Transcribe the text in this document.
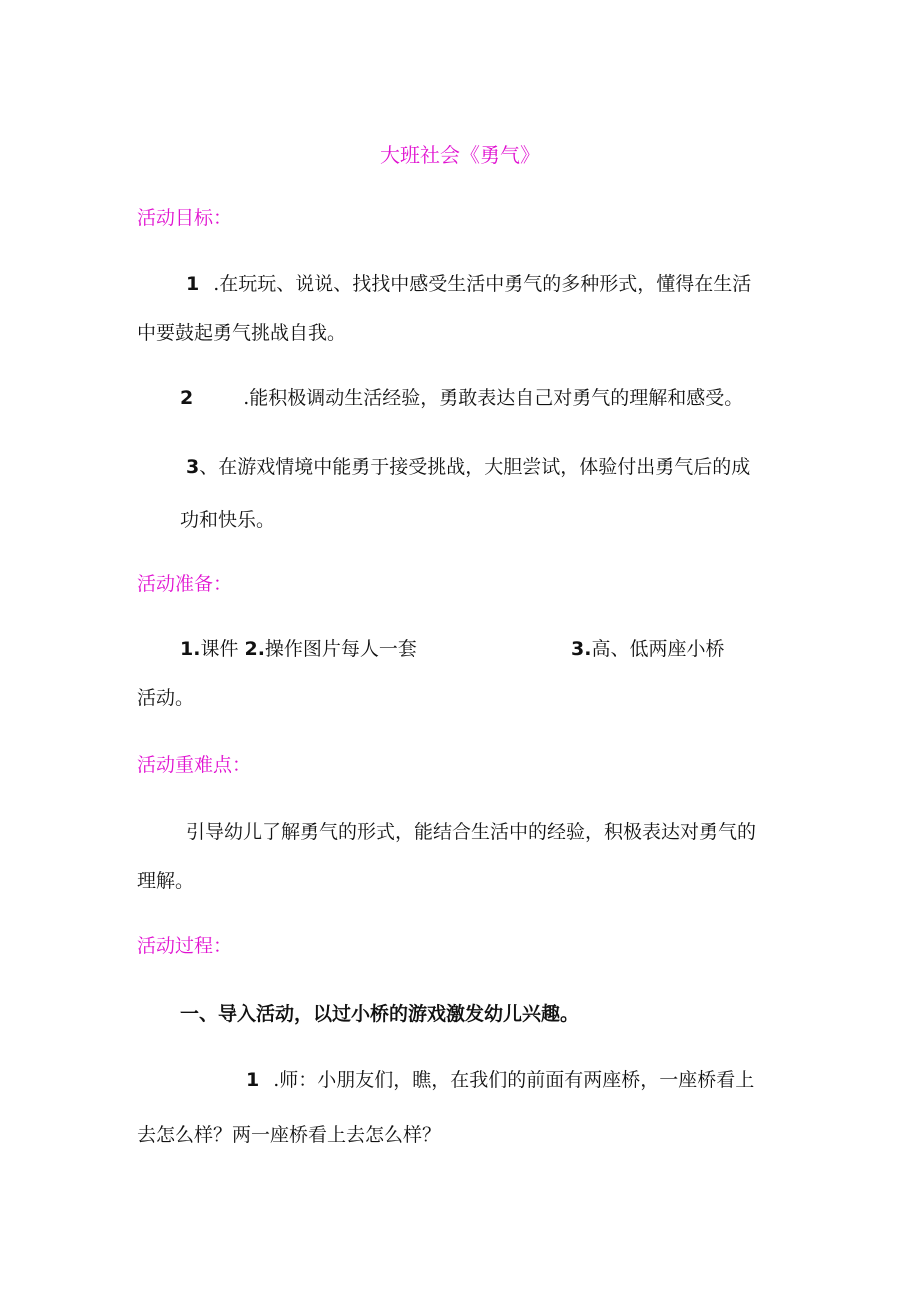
大班社会《勇气》
活动目标：
1 .在玩玩、说说、找找中感受生活中勇气的多种形式，懂得在生活
中要鼓起勇气挑战自我。
2	.能积极调动生活经验，勇敢表达自己对勇气的理解和感受。
3、在游戏情境中能勇于接受挑战，大胆尝试，体验付出勇气后的成
功和快乐。
活动准备：
1.课件 2.操作图片每人一套	3.高、低两座小桥
活动。
活动重难点：
引导幼儿了解勇气的形式，能结合生活中的经验，积极表达对勇气的
理解。
活动过程：
一、导入活动，以过小桥的游戏激发幼儿兴趣。
1 .师：小朋友们，瞧，在我们的前面有两座桥，一座桥看上
去怎么样？两一座桥看上去怎么样？
